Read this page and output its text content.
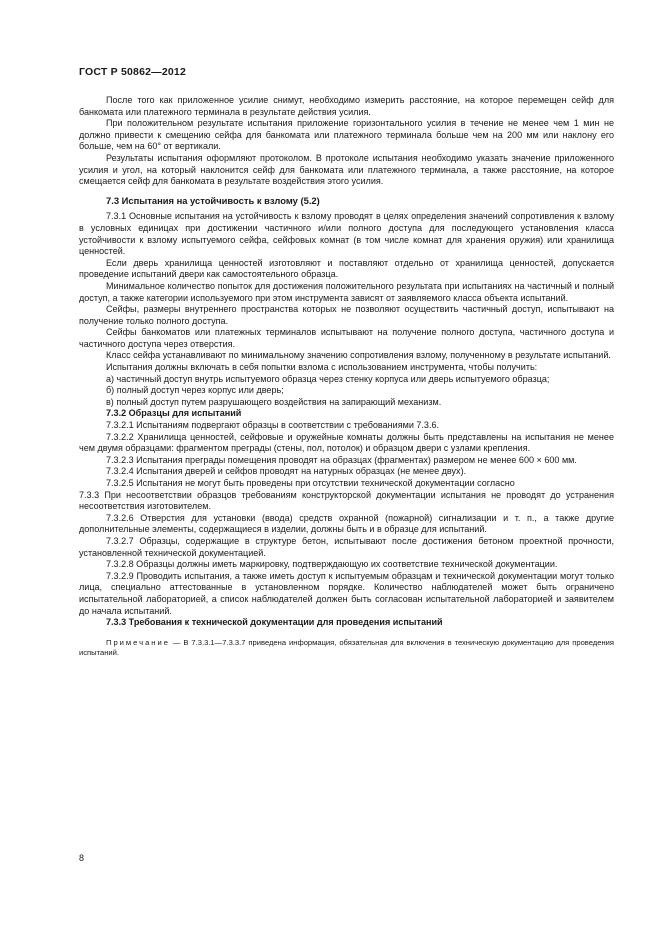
ГОСТ Р 50862—2012

После того как приложенное усилие снимут, необходимо измерить расстояние, на которое перемещен сейф для банкомата или платежного терминала в результате действия усилия.

При положительном результате испытания приложение горизонтального усилия в течение не менее чем 1 мин не должно привести к смещению сейфа для банкомата или платежного терминала больше чем на 200 мм или наклону его больше, чем на 60° от вертикали.

Результаты испытания оформляют протоколом. В протоколе испытания необходимо указать значение приложенного усилия и угол, на который наклонится сейф для банкомата или платежного терминала, а также расстояние, на которое смещается сейф для банкомата в результате воздействия этого усилия.

7.3 Испытания на устойчивость к взлому (5.2)

7.3.1 Основные испытания на устойчивость к взлому проводят в целях определения значений сопротивления к взлому в условных единицах при достижении частичного и/или полного доступа для последующего установления класса устойчивости к взлому испытуемого сейфа, сейфовых комнат (в том числе комнат для хранения оружия) или хранилища ценностей.

Если дверь хранилища ценностей изготовляют и поставляют отдельно от хранилища ценностей, допускается проведение испытаний двери как самостоятельного образца.

Минимальное количество попыток для достижения положительного результата при испытаниях на частичный и полный доступ, а также категории используемого при этом инструмента зависят от заявляемого класса объекта испытаний.

Сейфы, размеры внутреннего пространства которых не позволяют осуществить частичный доступ, испытывают на получение только полного доступа.

Сейфы банкоматов или платежных терминалов испытывают на получение полного доступа, частичного доступа и частичного доступа через отверстия.

Класс сейфа устанавливают по минимальному значению сопротивления взлому, полученному в результате испытаний.

Испытания должны включать в себя попытки взлома с использованием инструмента, чтобы получить:

а) частичный доступ внутрь испытуемого образца через стенку корпуса или дверь испытуемого образца;

б) полный доступ через корпус или дверь;

в) полный доступ путем разрушающего воздействия на запирающий механизм.

7.3.2 Образцы для испытаний

7.3.2.1 Испытаниям подвергают образцы в соответствии с требованиями 7.3.6.

7.3.2.2 Хранилища ценностей, сейфовые и оружейные комнаты должны быть представлены на испытания не менее чем двумя образцами: фрагментом преграды (стены, пол, потолок) и образцом двери с узлами крепления.

7.3.2.3 Испытания преграды помещения проводят на образцах (фрагментах) размером не менее 600 × 600 мм.

7.3.2.4 Испытания дверей и сейфов проводят на натурных образцах (не менее двух).

7.3.2.5 Испытания не могут быть проведены при отсутствии технической документации согласно

7.3.3 При несоответствии образцов требованиям конструкторской документации испытания не проводят до устранения несоответствия изготовителем.

7.3.2.6 Отверстия для установки (ввода) средств охранной (пожарной) сигнализации и т. п., а также другие дополнительные элементы, содержащиеся в изделии, должны быть и в образце для испытаний.

7.3.2.7 Образцы, содержащие в структуре бетон, испытывают после достижения бетоном проектной прочности, установленной технической документацией.

7.3.2.8 Образцы должны иметь маркировку, подтверждающую их соответствие технической документации.

7.3.2.9 Проводить испытания, а также иметь доступ к испытуемым образцам и технической документации могут только лица, специально аттестованные в установленном порядке. Количество наблюдателей может быть ограничено испытательной лабораторией, а список наблюдателей должен быть согласован испытательной лабораторией и заявителем до начала испытаний.

7.3.3 Требования к технической документации для проведения испытаний

Примечание — В 7.3.3.1—7.3.3.7 приведена информация, обязательная для включения в техническую документацию для проведения испытаний.

8
